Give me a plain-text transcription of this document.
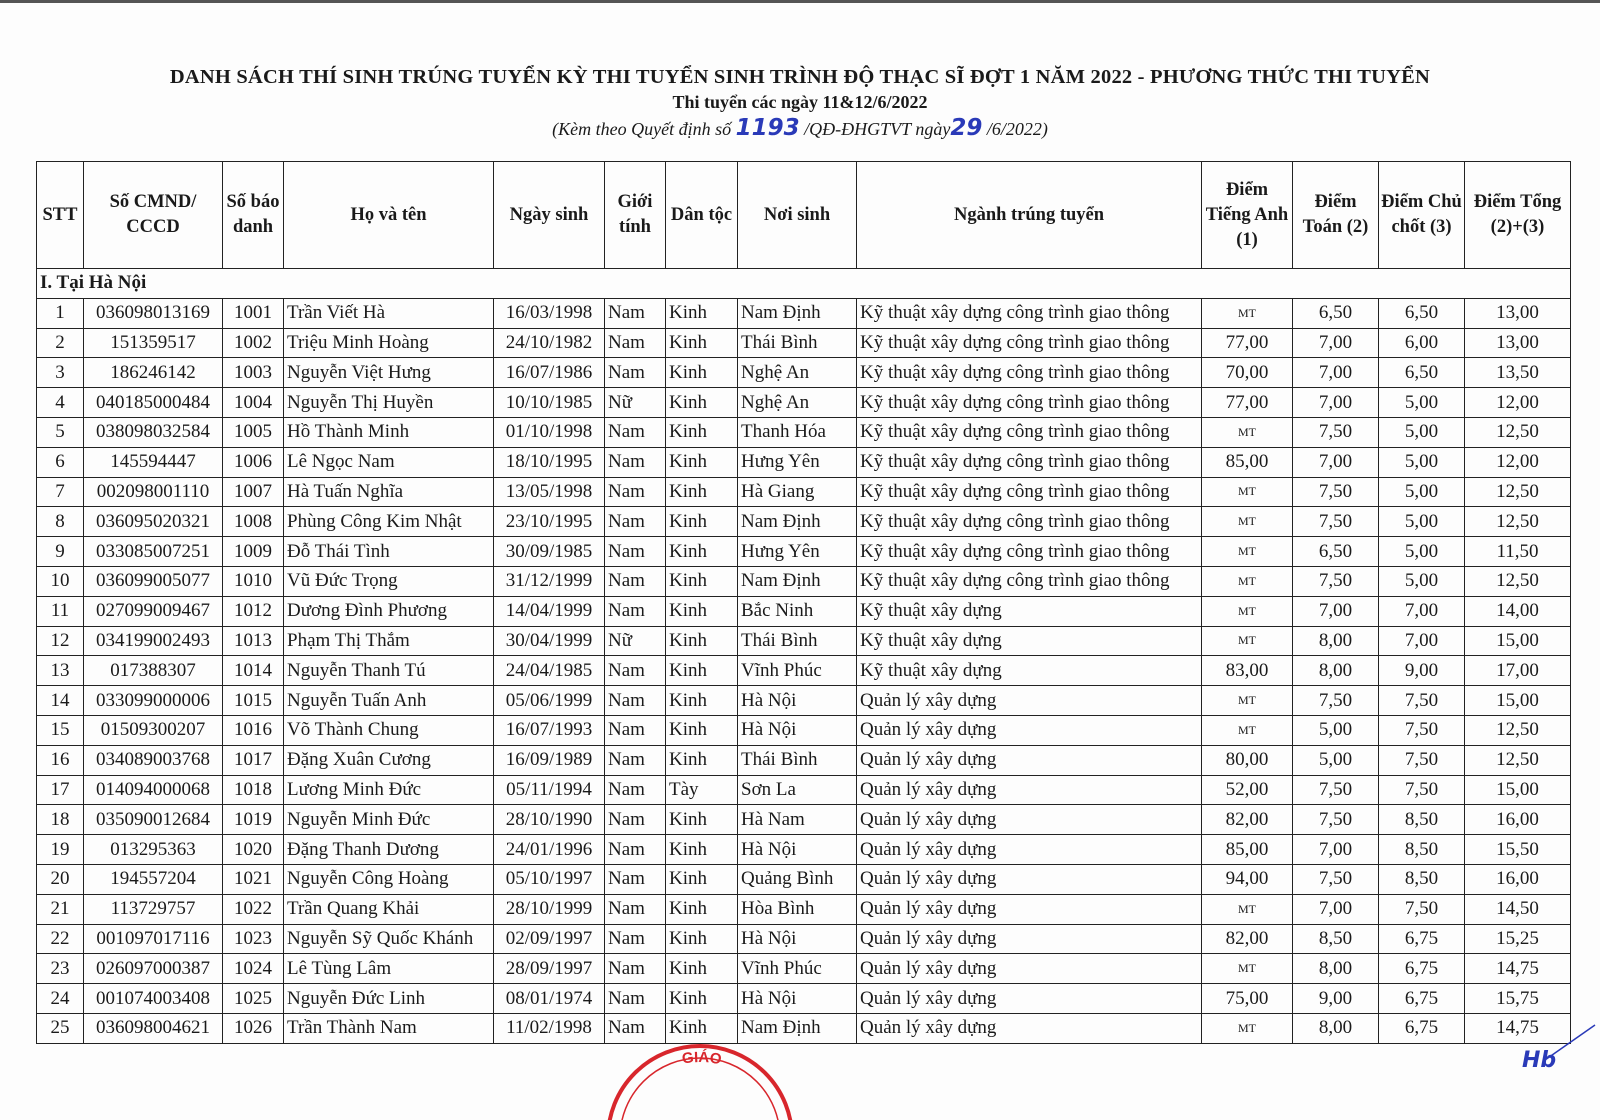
DANH SÁCH THÍ SINH TRÚNG TUYỂN KỲ THI TUYỂN SINH TRÌNH ĐỘ THẠC SĨ ĐỢT 1 NĂM 2022 - PHƯƠNG THỨC THI TUYỂN
Thi tuyển các ngày 11&12/6/2022
(Kèm theo Quyết định số 1193 /QĐ-ĐHGTVT ngày29 /6/2022)
STT	Số CMND/ CCCD	Số báo danh	Họ và tên	Ngày sinh	Giới tính	Dân tộc	Nơi sinh	Ngành trúng tuyển	Điểm Tiếng Anh (1)	Điểm Toán (2)	Điểm Chủ chốt (3)	Điểm Tổng (2)+(3)
I. Tại Hà Nội												
1	036098013169	1001	Trần Viết Hà	16/03/1998	Nam	Kinh	Nam Định	Kỹ thuật xây dựng công trình giao thông	MT	6,50	6,50	13,00
2	151359517	1002	Triệu Minh Hoàng	24/10/1982	Nam	Kinh	Thái Bình	Kỹ thuật xây dựng công trình giao thông	77,00	7,00	6,00	13,00
3	186246142	1003	Nguyễn Việt Hưng	16/07/1986	Nam	Kinh	Nghệ An	Kỹ thuật xây dựng công trình giao thông	70,00	7,00	6,50	13,50
4	040185000484	1004	Nguyễn Thị Huyền	10/10/1985	Nữ	Kinh	Nghệ An	Kỹ thuật xây dựng công trình giao thông	77,00	7,00	5,00	12,00
5	038098032584	1005	Hồ Thành Minh	01/10/1998	Nam	Kinh	Thanh Hóa	Kỹ thuật xây dựng công trình giao thông	MT	7,50	5,00	12,50
6	145594447	1006	Lê Ngọc Nam	18/10/1995	Nam	Kinh	Hưng Yên	Kỹ thuật xây dựng công trình giao thông	85,00	7,00	5,00	12,00
7	002098001110	1007	Hà Tuấn Nghĩa	13/05/1998	Nam	Kinh	Hà Giang	Kỹ thuật xây dựng công trình giao thông	MT	7,50	5,00	12,50
8	036095020321	1008	Phùng Công Kim Nhật	23/10/1995	Nam	Kinh	Nam Định	Kỹ thuật xây dựng công trình giao thông	MT	7,50	5,00	12,50
9	033085007251	1009	Đỗ Thái Tình	30/09/1985	Nam	Kinh	Hưng Yên	Kỹ thuật xây dựng công trình giao thông	MT	6,50	5,00	11,50
10	036099005077	1010	Vũ Đức Trọng	31/12/1999	Nam	Kinh	Nam Định	Kỹ thuật xây dựng công trình giao thông	MT	7,50	5,00	12,50
11	027099009467	1012	Dương Đình Phương	14/04/1999	Nam	Kinh	Bắc Ninh	Kỹ thuật xây dựng	MT	7,00	7,00	14,00
12	034199002493	1013	Phạm Thị Thắm	30/04/1999	Nữ	Kinh	Thái Bình	Kỹ thuật xây dựng	MT	8,00	7,00	15,00
13	017388307	1014	Nguyễn Thanh Tú	24/04/1985	Nam	Kinh	Vĩnh Phúc	Kỹ thuật xây dựng	83,00	8,00	9,00	17,00
14	033099000006	1015	Nguyễn Tuấn Anh	05/06/1999	Nam	Kinh	Hà Nội	Quản lý xây dựng	MT	7,50	7,50	15,00
15	01509300207	1016	Võ Thành Chung	16/07/1993	Nam	Kinh	Hà Nội	Quản lý xây dựng	MT	5,00	7,50	12,50
16	034089003768	1017	Đặng Xuân Cương	16/09/1989	Nam	Kinh	Thái Bình	Quản lý xây dựng	80,00	5,00	7,50	12,50
17	014094000068	1018	Lương Minh Đức	05/11/1994	Nam	Tày	Sơn La	Quản lý xây dựng	52,00	7,50	7,50	15,00
18	035090012684	1019	Nguyễn Minh Đức	28/10/1990	Nam	Kinh	Hà Nam	Quản lý xây dựng	82,00	7,50	8,50	16,00
19	013295363	1020	Đặng Thanh Dương	24/01/1996	Nam	Kinh	Hà Nội	Quản lý xây dựng	85,00	7,00	8,50	15,50
20	194557204	1021	Nguyễn Công Hoàng	05/10/1997	Nam	Kinh	Quảng Bình	Quản lý xây dựng	94,00	7,50	8,50	16,00
21	113729757	1022	Trần Quang Khải	28/10/1999	Nam	Kinh	Hòa Bình	Quản lý xây dựng	MT	7,00	7,50	14,50
22	001097017116	1023	Nguyễn Sỹ Quốc Khánh	02/09/1997	Nam	Kinh	Hà Nội	Quản lý xây dựng	82,00	8,50	6,75	15,25
23	026097000387	1024	Lê Tùng Lâm	28/09/1997	Nam	Kinh	Vĩnh Phúc	Quản lý xây dựng	MT	8,00	6,75	14,75
24	001074003408	1025	Nguyễn Đức Linh	08/01/1974	Nam	Kinh	Hà Nội	Quản lý xây dựng	75,00	9,00	6,75	15,75
25	036098004621	1026	Trần Thành Nam	11/02/1998	Nam	Kinh	Nam Định	Quản lý xây dựng	MT	8,00	6,75	14,75
GIÁO	Hb
